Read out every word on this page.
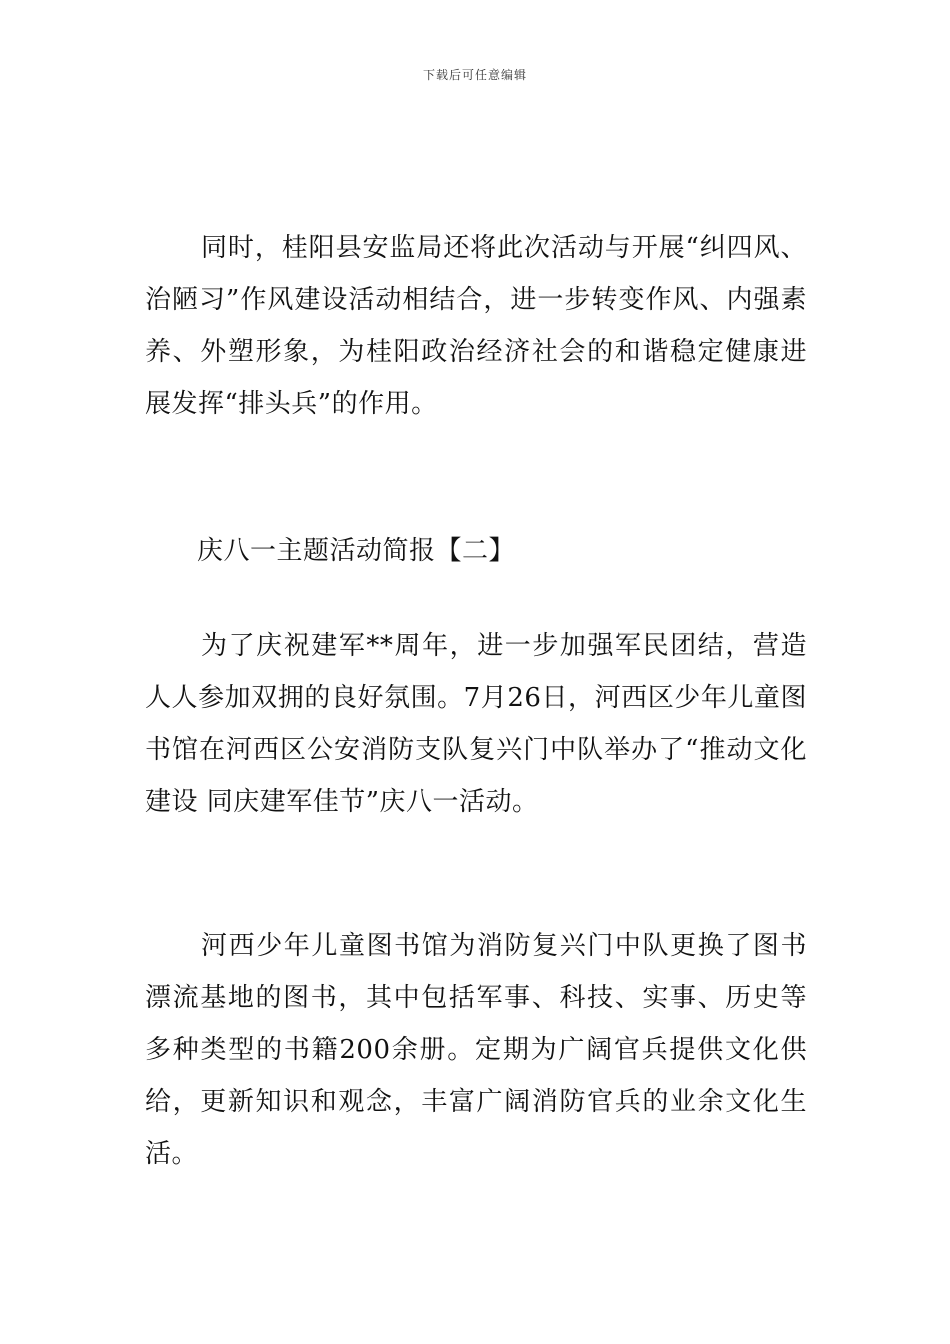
下载后可任意编辑

同时，桂阳县安监局还将此次活动与开展“纠四风、治陋习”作风建设活动相结合，进一步转变作风、内强素养、外塑形象，为桂阳政治经济社会的和谐稳定健康进展发挥“排头兵”的作用。

庆八一主题活动简报【二】

为了庆祝建军**周年，进一步加强军民团结，营造人人参加双拥的良好氛围。7月26日，河西区少年儿童图书馆在河西区公安消防支队复兴门中队举办了“推动文化建设 同庆建军佳节”庆八一活动。

河西少年儿童图书馆为消防复兴门中队更换了图书漂流基地的图书，其中包括军事、科技、实事、历史等多种类型的书籍200余册。定期为广阔官兵提供文化供给，更新知识和观念，丰富广阔消防官兵的业余文化生活。
